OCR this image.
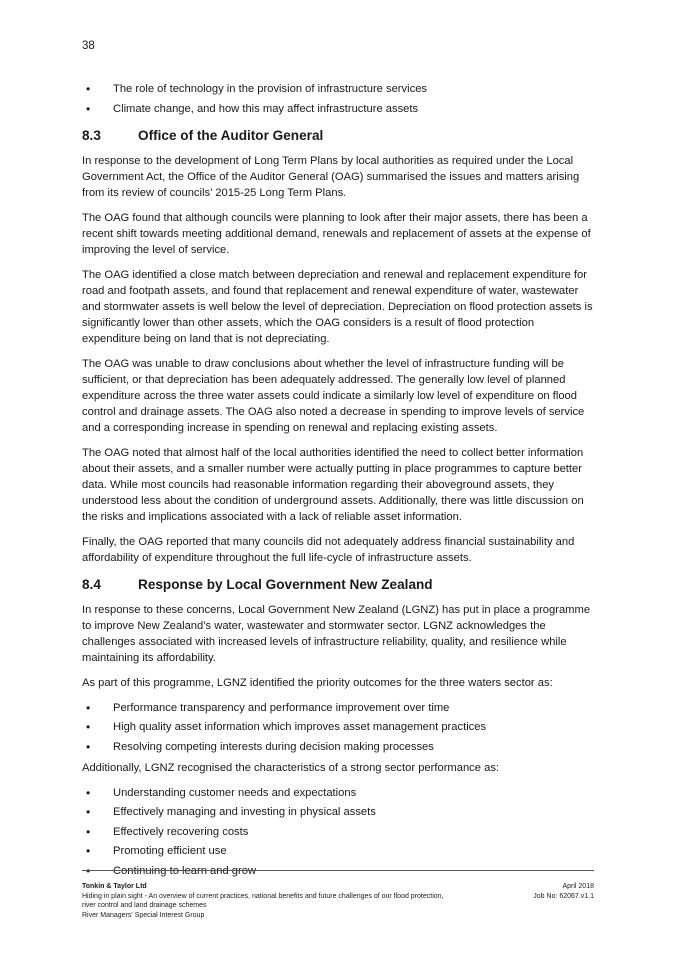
38
• The role of technology in the provision of infrastructure services
• Climate change, and how this may affect infrastructure assets
8.3	Office of the Auditor General

In response to the development of Long Term Plans by local authorities as required under the Local Government Act, the Office of the Auditor General (OAG) summarised the issues and matters arising from its review of councils’ 2015-25 Long Term Plans.

The OAG found that although councils were planning to look after their major assets, there has been a recent shift towards meeting additional demand, renewals and replacement of assets at the expense of improving the level of service.

The OAG identified a close match between depreciation and renewal and replacement expenditure for road and footpath assets, and found that replacement and renewal expenditure of water, wastewater and stormwater assets is well below the level of depreciation. Depreciation on flood protection assets is significantly lower than other assets, which the OAG considers is a result of flood protection expenditure being on land that is not depreciating.

The OAG was unable to draw conclusions about whether the level of infrastructure funding will be sufficient, or that depreciation has been adequately addressed. The generally low level of planned expenditure across the three water assets could indicate a similarly low level of expenditure on flood control and drainage assets. The OAG also noted a decrease in spending to improve levels of service and a corresponding increase in spending on renewal and replacing existing assets.

The OAG noted that almost half of the local authorities identified the need to collect better information about their assets, and a smaller number were actually putting in place programmes to capture better data. While most councils had reasonable information regarding their aboveground assets, they understood less about the condition of underground assets. Additionally, there was little discussion on the risks and implications associated with a lack of reliable asset information.

Finally, the OAG reported that many councils did not adequately address financial sustainability and affordability of expenditure throughout the full life-cycle of infrastructure assets.

8.4	Response by Local Government New Zealand

In response to these concerns, Local Government New Zealand (LGNZ) has put in place a programme to improve New Zealand’s water, wastewater and stormwater sector. LGNZ acknowledges the challenges associated with increased levels of infrastructure reliability, quality, and resilience while maintaining its affordability.

As part of this programme, LGNZ identified the priority outcomes for the three waters sector as:

• Performance transparency and performance improvement over time
• High quality asset information which improves asset management practices
• Resolving competing interests during decision making processes

Additionally, LGNZ recognised the characteristics of a strong sector performance as:

• Understanding customer needs and expectations
• Effectively managing and investing in physical assets
• Effectively recovering costs
• Promoting efficient use
• Continuing to learn and grow
Tonkin & Taylor Ltd
Hiding in plain sight - An overview of current practices, national benefits and future challenges of our flood protection, river control and land drainage schemes
River Managers' Special Interest Group
April 2018
Job No: 62067.v1.1
